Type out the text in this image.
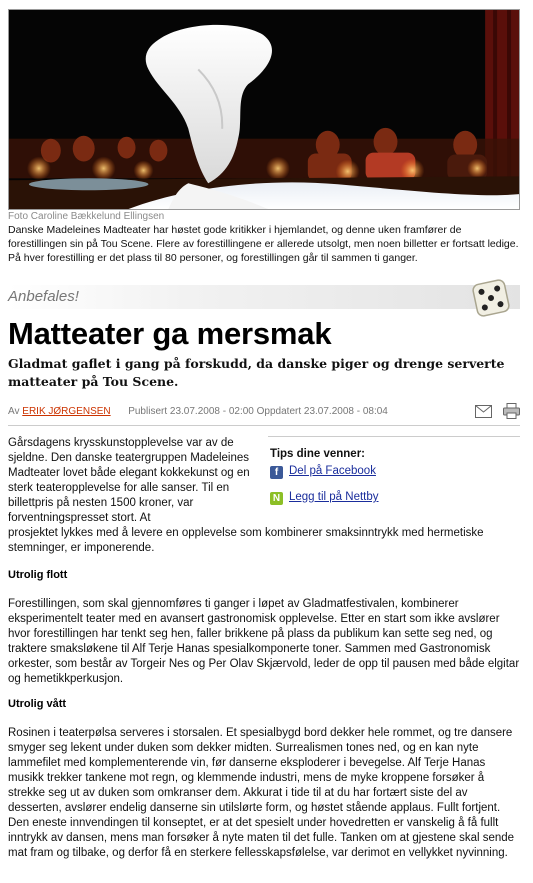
Foto Caroline Bækkelund Ellingsen
Danske Madeleines Madteater har høstet gode kritikker i hjemlandet, og denne uken framfører de forestillingen sin på Tou Scene. Flere av forestillingene er allerede utsolgt, men noen billetter er fortsatt ledige. På hver forestilling er det plass til 80 personer, og forestillingen går til sammen ti ganger.
Anbefales!
Matteater ga mersmak
Gladmat gaflet i gang på forskudd, da danske piger og drenge serverte matteater på Tou Scene.
Av ERIK JØRGENSEN Publisert 23.07.2008 - 02:00 Oppdatert 23.07.2008 - 08:04
Tips dine venner:
f Del på Facebook
N Legg til på Nettby
Gårsdagens krysskunstopplevelse var av de sjeldne. Den danske teatergruppen Madeleines Madteater lovet både elegant kokkekunst og en sterk teateropplevelse for alle sanser. Til en billettpris på nesten 1500 kroner, var forventningspresset stort. At
prosjektet lykkes med å levere en opplevelse som kombinerer smaksinntrykk med hermetiske stemninger, er imponerende.
Utrolig flott
Forestillingen, som skal gjennomføres ti ganger i løpet av Gladmatfestivalen, kombinerer eksperimentelt teater med en avansert gastronomisk opplevelse. Etter en start som ikke avslører hvor forestillingen har tenkt seg hen, faller brikkene på plass da publikum kan sette seg ned, og traktere smaksløkene til Alf Terje Hanas spesialkomponerte toner. Sammen med Gastronomisk orkester, som består av Torgeir Nes og Per Olav Skjærvold, leder de opp til pausen med både elgitar og hemetikkperkusjon.
Utrolig vått
Rosinen i teaterpølsa serveres i storsalen. Et spesialbygd bord dekker hele rommet, og tre dansere smyger seg lekent under duken som dekker midten. Surrealismen tones ned, og en kan nyte lammefilet med komplementerende vin, før danserne eksploderer i bevegelse. Alf Terje Hanas musikk trekker tankene mot regn, og klemmende industri, mens de myke kroppene forsøker å strekke seg ut av duken som omkranser dem. Akkurat i tide til at du har fortært siste del av desserten, avslører endelig danserne sin utilslørte form, og høstet stående applaus. Fullt fortjent. Den eneste innvendingen til konseptet, er at det spesielt under hovedretten er vanskelig å få fullt inntrykk av dansen, mens man forsøker å nyte maten til det fulle. Tanken om at gjestene skal sende mat fram og tilbake, og derfor få en sterkere fellesskapsfølelse, var derimot en vellykket nyvinning.
